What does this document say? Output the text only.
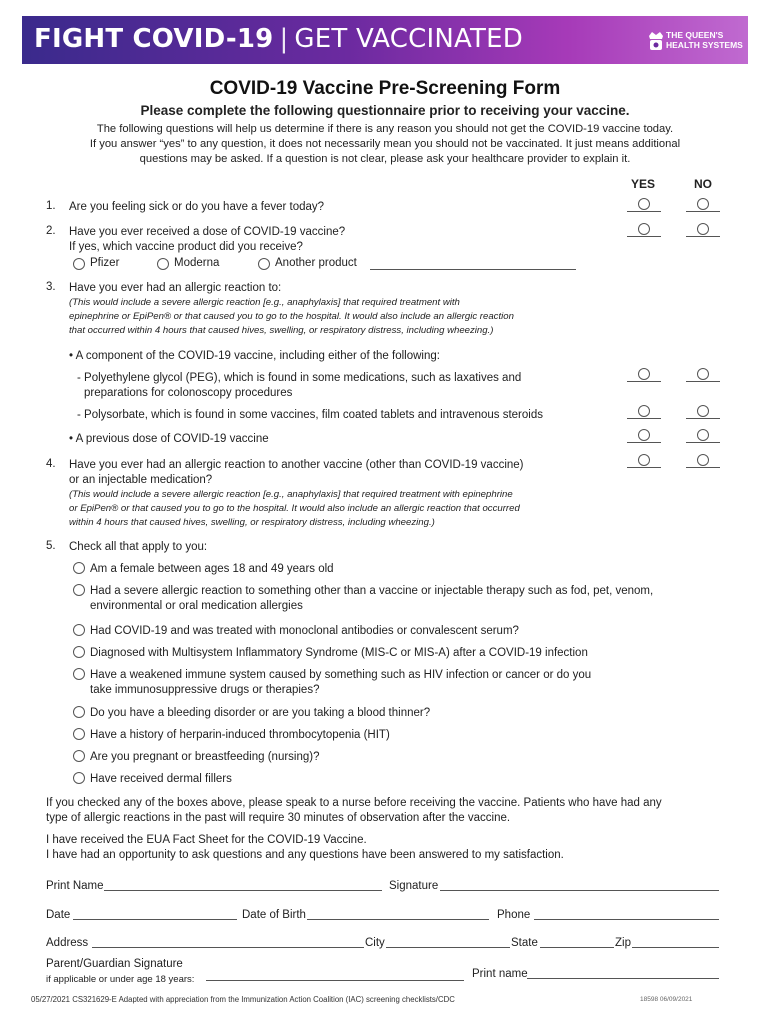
FIGHT COVID-19 | GET VACCINATED	THE QUEEN'S
HEALTH SYSTEMS
COVID-19 Vaccine Pre-Screening Form
Please complete the following questionnaire prior to receiving your vaccine.
The following questions will help us determine if there is any reason you should not get the COVID-19 vaccine today.
If you answer “yes” to any question, it does not necessarily mean you should not be vaccinated. It just means additional
questions may be asked. If a question is not clear, please ask your healthcare provider to explain it.
YES	NO
1. Are you feeling sick or do you have a fever today?
2. Have you ever received a dose of COVID-19 vaccine?
If yes, which vaccine product did you receive?
Pfizer	Moderna	Another product
3. Have you ever had an allergic reaction to:
(This would include a severe allergic reaction [e.g., anaphylaxis] that required treatment with
epinephrine or EpiPen® or that caused you to go to the hospital. It would also include an allergic reaction
that occurred within 4 hours that caused hives, swelling, or respiratory distress, including wheezing.)
• A component of the COVID-19 vaccine, including either of the following:
- Polyethylene glycol (PEG), which is found in some medications, such as laxatives and
preparations for colonoscopy procedures
- Polysorbate, which is found in some vaccines, film coated tablets and intravenous steroids
• A previous dose of COVID-19 vaccine
4. Have you ever had an allergic reaction to another vaccine (other than COVID-19 vaccine)
or an injectable medication?
(This would include a severe allergic reaction [e.g., anaphylaxis] that required treatment with epinephrine
or EpiPen® or that caused you to go to the hospital. It would also include an allergic reaction that occurred
within 4 hours that caused hives, swelling, or respiratory distress, including wheezing.)
5. Check all that apply to you:
Am a female between ages 18 and 49 years old
Had a severe allergic reaction to something other than a vaccine or injectable therapy such as fod, pet, venom,
environmental or oral medication allergies
Had COVID-19 and was treated with monoclonal antibodies or convalescent serum?
Diagnosed with Multisystem Inflammatory Syndrome (MIS-C or MIS-A) after a COVID-19 infection
Have a weakened immune system caused by something such as HIV infection or cancer or do you
take immunosuppressive drugs or therapies?
Do you have a bleeding disorder or are you taking a blood thinner?
Have a history of herparin-induced thrombocytopenia (HIT)
Are you pregnant or breastfeeding (nursing)?
Have received dermal fillers
If you checked any of the boxes above, please speak to a nurse before receiving the vaccine. Patients who have had any
type of allergic reactions in the past will require 30 minutes of observation after the vaccine.
I have received the EUA Fact Sheet for the COVID-19 Vaccine.
I have had an opportunity to ask questions and any questions have been answered to my satisfaction.
Print Name	Signature
Date	Date of Birth	Phone
Address	City	State	Zip
Parent/Guardian Signature
if applicable or under age 18 years:	Print name
05/27/2021 CS321629-E Adapted with appreciation from the Immunization Action Coalition (IAC) screening checklists/CDC	18598 06/09/2021
